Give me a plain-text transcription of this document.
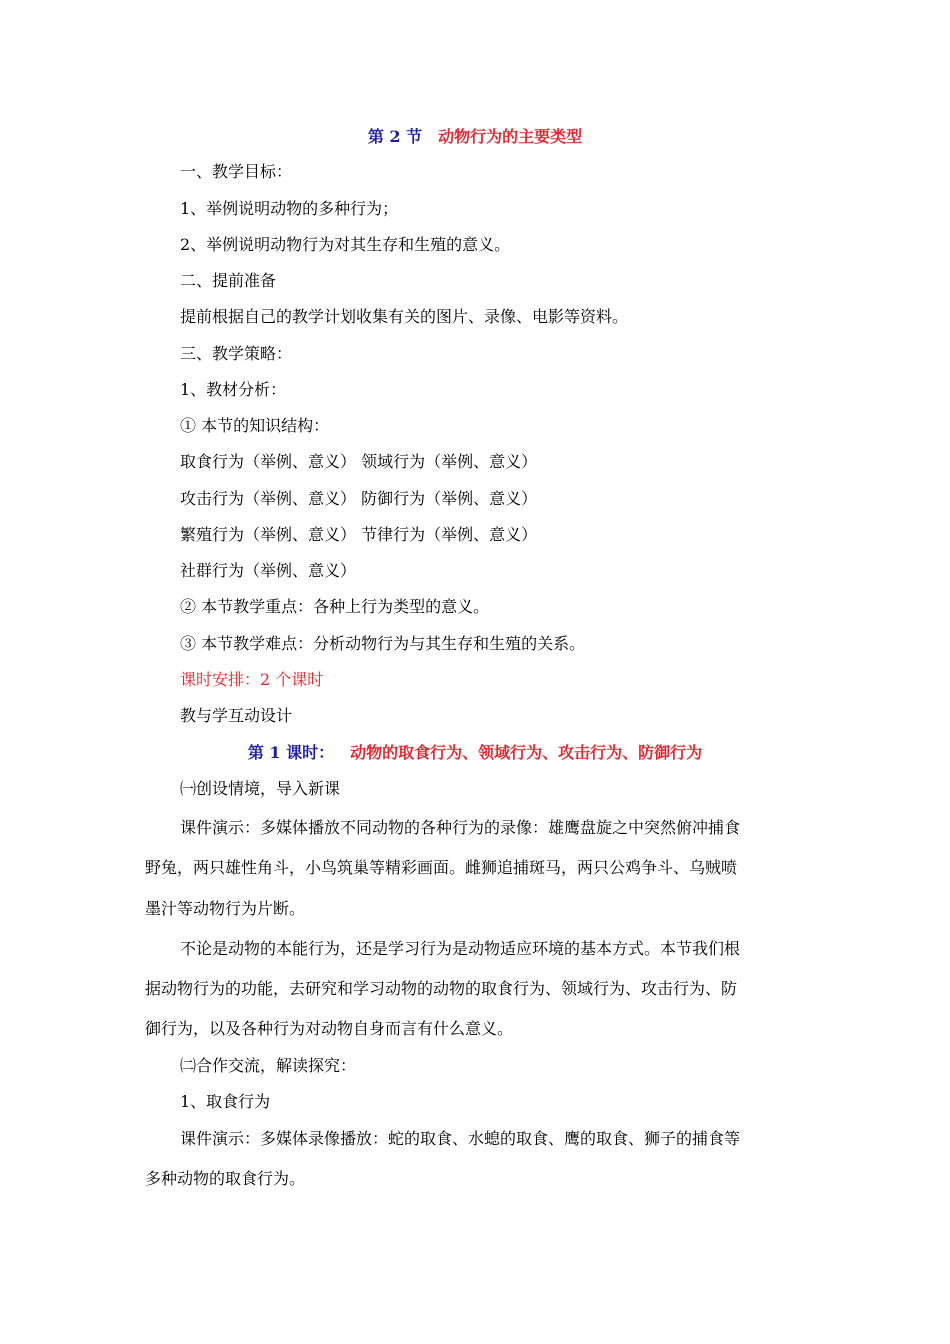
第 2 节 动物行为的主要类型
一、教学目标：
1、举例说明动物的多种行为；
2、举例说明动物行为对其生存和生殖的意义。
二、提前准备
提前根据自己的教学计划收集有关的图片、录像、电影等资料。
三、教学策略：
1、教材分析：
① 本节的知识结构：
取食行为（举例、意义） 领域行为（举例、意义）
攻击行为（举例、意义） 防御行为（举例、意义）
繁殖行为（举例、意义） 节律行为（举例、意义）
社群行为（举例、意义）
② 本节教学重点：各种上行为类型的意义。
③ 本节教学难点：分析动物行为与其生存和生殖的关系。
课时安排：2 个课时
教与学互动设计
第 1 课时： 动物的取食行为、领域行为、攻击行为、防御行为
㈠创设情境，导入新课
课件演示：多媒体播放不同动物的各种行为的录像：雄鹰盘旋之中突然俯冲捕食
野兔，两只雄性角斗，小鸟筑巢等精彩画面。雌狮追捕斑马，两只公鸡争斗、乌贼喷
墨汁等动物行为片断。
不论是动物的本能行为，还是学习行为是动物适应环境的基本方式。本节我们根
据动物行为的功能，去研究和学习动物的动物的取食行为、领域行为、攻击行为、防
御行为，以及各种行为对动物自身而言有什么意义。
㈡合作交流，解读探究：
1、取食行为
课件演示：多媒体录像播放：蛇的取食、水螅的取食、鹰的取食、狮子的捕食等
多种动物的取食行为。
